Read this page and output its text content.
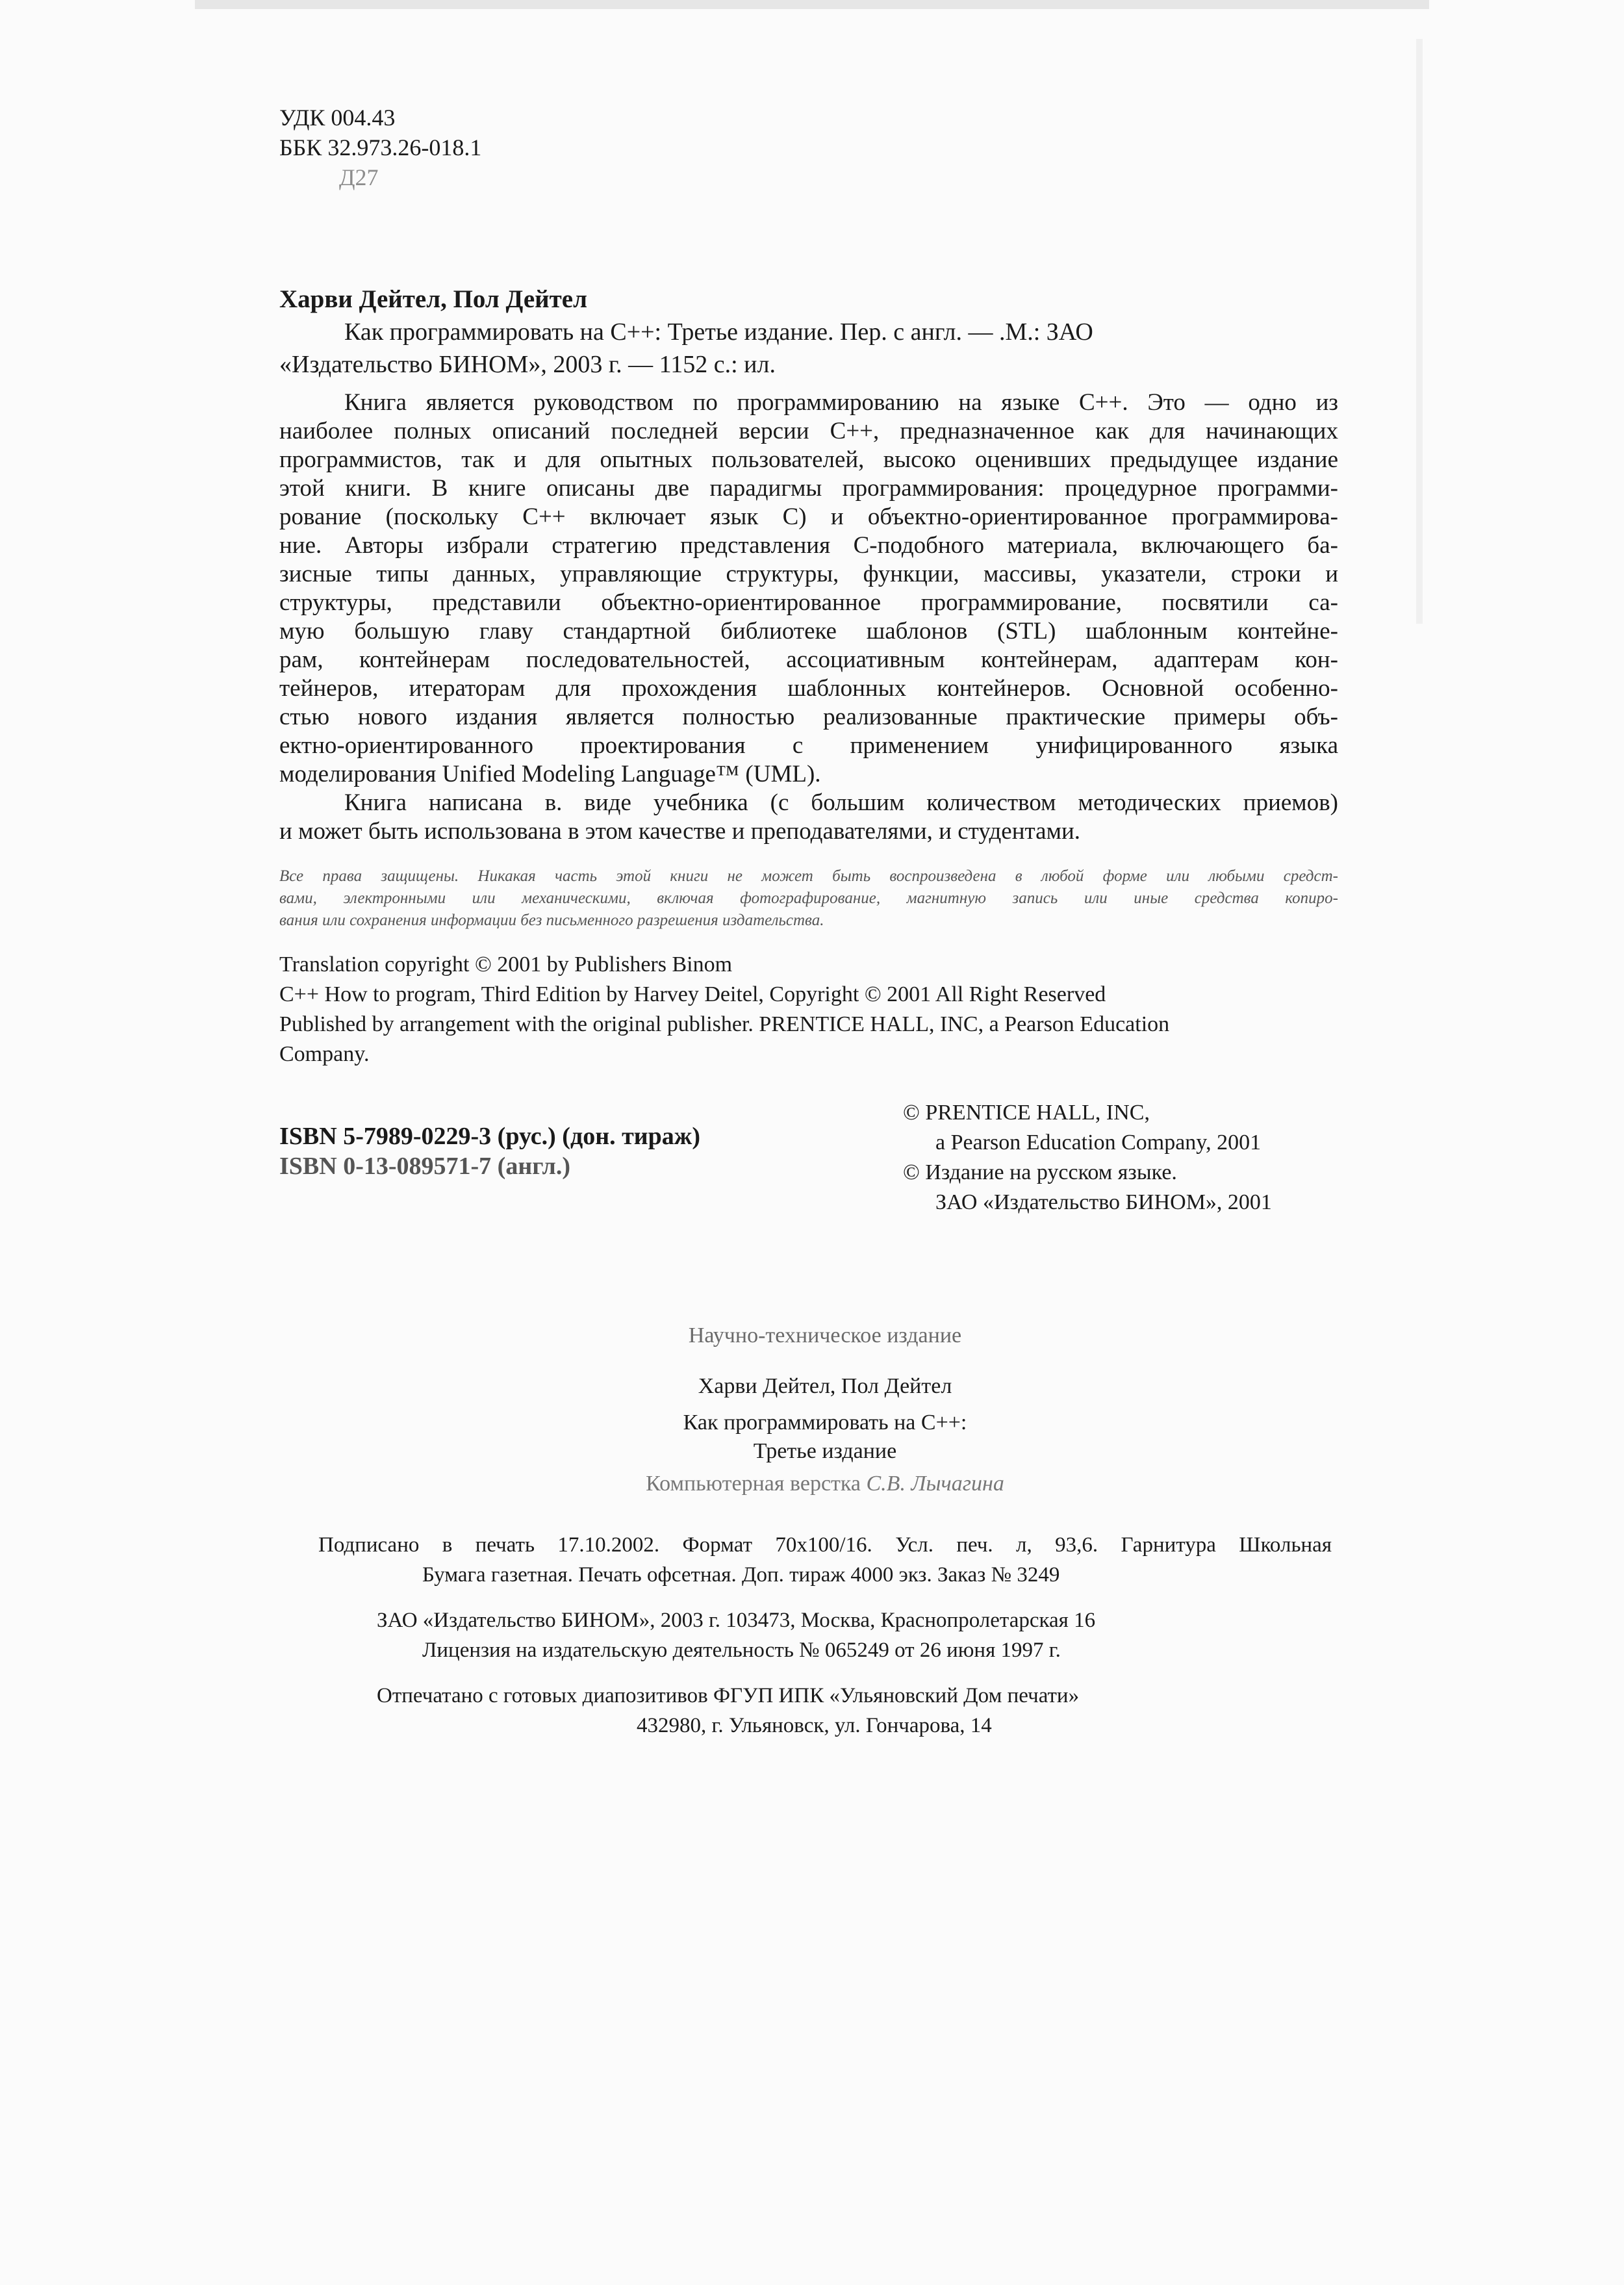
УДК 004.43
ББК 32.973.26-018.1
Д27
Харви Дейтел, Пол Дейтел
Как программировать на С++: Третье издание. Пер. с англ. — .М.: ЗАО
«Издательство БИНОМ», 2003 г. — 1152 с.: ил.
Книга является руководством по программированию на языке С++. Это — одно из
наиболее полных описаний последней версии С++, предназначенное как для начинающих
программистов, так и для опытных пользователей, высоко оценивших предыдущее издание
этой книги. В книге описаны две парадигмы программирования: процедурное программи-
рование (поскольку С++ включает язык С) и объектно-ориентированное программирова-
ние. Авторы избрали стратегию представления С-подобного материала, включающего ба-
зисные типы данных, управляющие структуры, функции, массивы, указатели, строки и
структуры, представили объектно-ориентированное программирование, посвятили са-
мую большую главу стандартной библиотеке шаблонов (STL) шаблонным контейне-
рам, контейнерам последовательностей, ассоциативным контейнерам, адаптерам кон-
тейнеров, итераторам для прохождения шаблонных контейнеров. Основной особенно-
стью нового издания является полностью реализованные практические примеры объ-
ектно-ориентированного проектирования с применением унифицированного языка
моделирования Unified Modeling Language™ (UML).
Книга написана в. виде учебника (с большим количеством методических приемов)
и может быть использована в этом качестве и преподавателями, и студентами.
Все права защищены. Никакая часть этой книги не может быть воспроизведена в любой форме или любыми средст-
вами, электронными или механическими, включая фотографирование, магнитную запись или иные средства копиро-
вания или сохранения информации без письменного разрешения издательства.
Translation copyright © 2001 by Publishers Binom
C++ How to program, Third Edition by Harvey Deitel, Copyright © 2001 All Right Reserved
Published by arrangement with the original publisher. PRENTICE HALL, INC, a Pearson Education
Company.
ISBN 5-7989-0229-3 (рус.) (дон. тираж)
ISBN 0-13-089571-7 (англ.)
© PRENTICE HALL, INC,
a Pearson Education Company, 2001
© Издание на русском языке.
ЗАО «Издательство БИНОМ», 2001
Научно-техническое издание
Харви Дейтел, Пол Дейтел
Как программировать на С++:
Третье издание
Компьютерная верстка С.В. Лычагина
Подписано в печать 17.10.2002. Формат 70x100/16. Усл. печ. л, 93,6. Гарнитура Школьная
Бумага газетная. Печать офсетная. Доп. тираж 4000 экз. Заказ № 3249
ЗАО «Издательство БИНОМ», 2003 г. 103473, Москва, Краснопролетарская 16
Лицензия на издательскую деятельность № 065249 от 26 июня 1997 г.
Отпечатано с готовых диапозитивов ФГУП ИПК «Ульяновский Дом печати»
432980, г. Ульяновск, ул. Гончарова, 14
